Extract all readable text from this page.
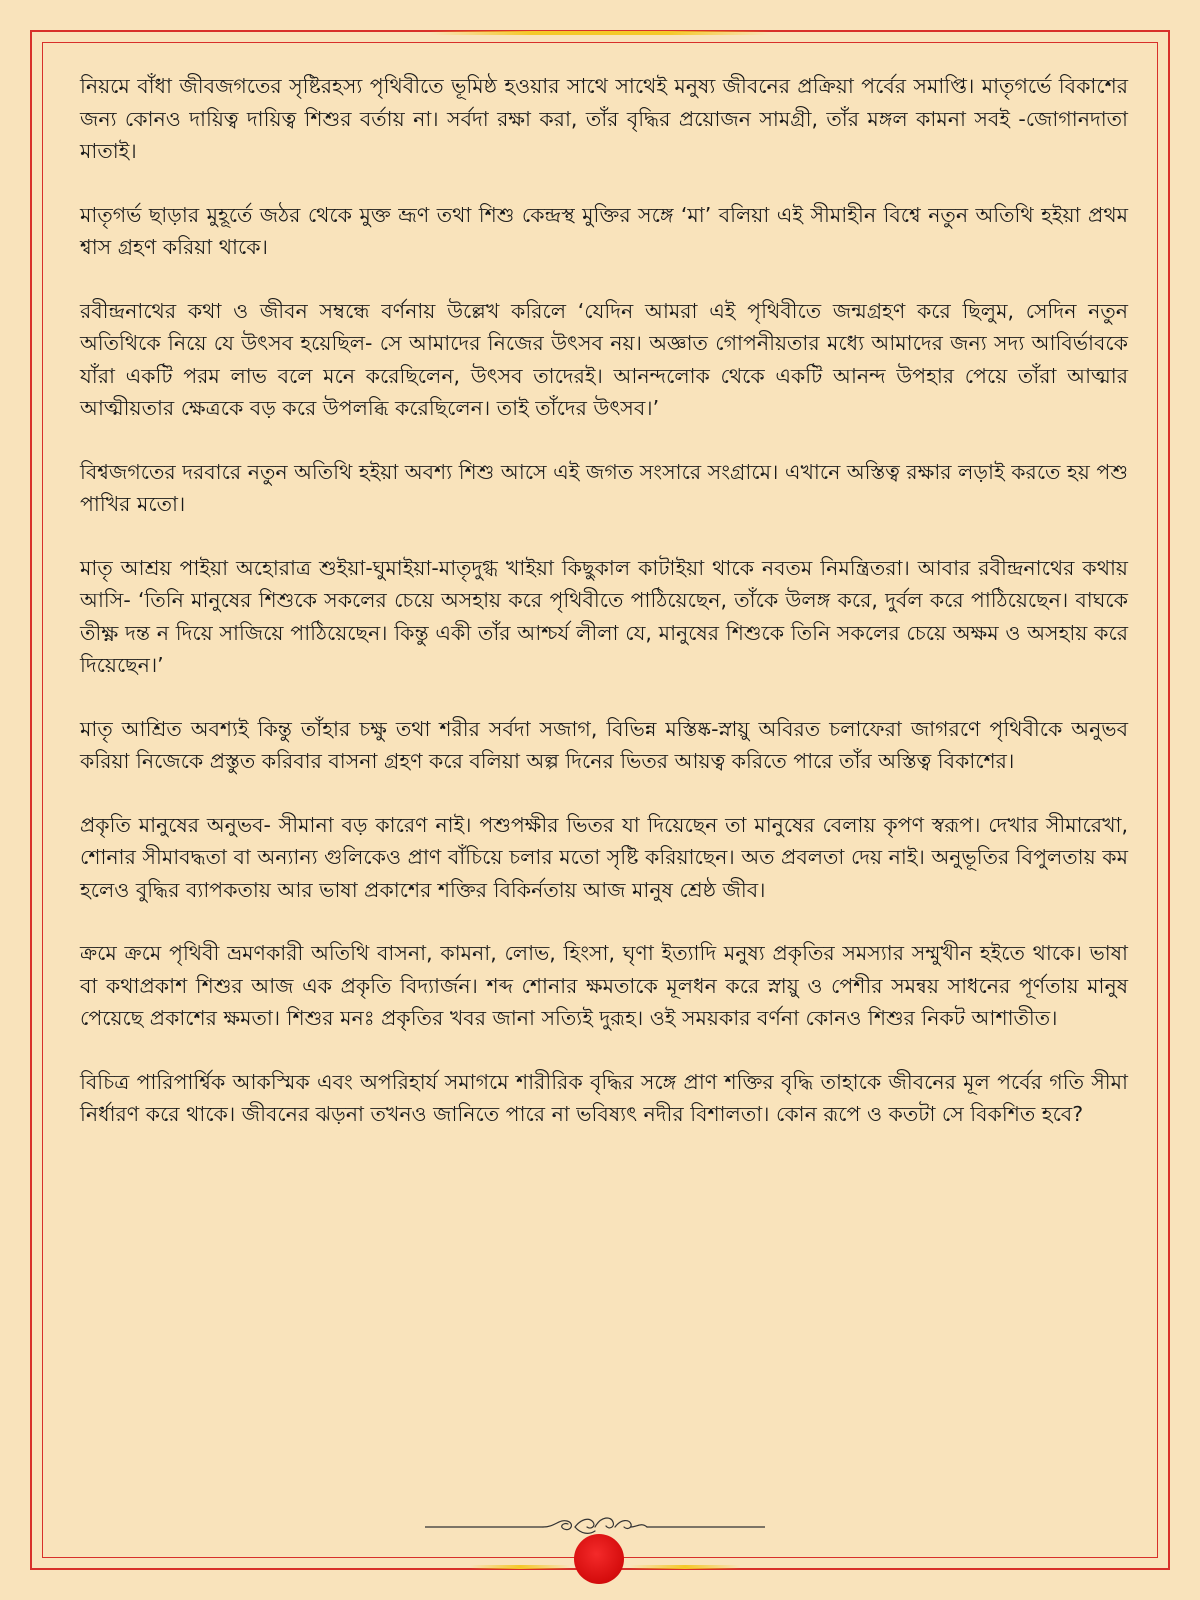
নিয়মে বাঁধা জীবজগতের সৃষ্টিরহস্য পৃথিবীতে ভূমিষ্ঠ হওয়ার সাথে সাথেই মনুষ্য জীবনের প্রক্রিয়া পর্বের সমাপ্তি। মাতৃগর্ভে বিকাশের জন্য কোনও দায়িত্ব দায়িত্ব শিশুর বর্তায় না। সর্বদা রক্ষা করা, তাঁর বৃদ্ধির প্রয়োজন সামগ্রী, তাঁর মঙ্গল কামনা সবই -জোগানদাতা মাতাই।

মাতৃগর্ভ ছাড়ার মুহূর্তে জঠর থেকে মুক্ত ভ্রূণ তথা শিশু কেন্দ্রস্থ মুক্তির সঙ্গে ‘মা’ বলিয়া এই সীমাহীন বিশ্বে নতুন অতিথি হইয়া প্রথম শ্বাস গ্রহণ করিয়া থাকে।

রবীন্দ্রনাথের কথা ও জীবন সম্বন্ধে বর্ণনায় উল্লেখ করিলে ‘যেদিন আমরা এই পৃথিবীতে জন্মগ্রহণ করে ছিলুম, সেদিন নতুন অতিথিকে নিয়ে যে উৎসব হয়েছিল- সে আমাদের নিজের উৎসব নয়। অজ্ঞাত গোপনীয়তার মধ্যে আমাদের জন্য সদ্য আবির্ভাবকে যাঁরা একটি পরম লাভ বলে মনে করেছিলেন, উৎসব তাদেরই। আনন্দলোক থেকে একটি আনন্দ উপহার পেয়ে তাঁরা আত্মার আত্মীয়তার ক্ষেত্রকে বড় করে উপলব্ধি করেছিলেন। তাই তাঁদের উৎসব।’

বিশ্বজগতের দরবারে নতুন অতিথি হইয়া অবশ্য শিশু আসে এই জগত সংসারে সংগ্রামে। এখানে অস্তিত্ব রক্ষার লড়াই করতে হয় পশু পাখির মতো।

মাতৃ আশ্রয় পাইয়া অহোরাত্র শুইয়া-ঘুমাইয়া-মাতৃদুগ্ধ খাইয়া কিছুকাল কাটাইয়া থাকে নবতম নিমন্ত্রিতরা। আবার রবীন্দ্রনাথের কথায় আসি- ‘তিনি মানুষের শিশুকে সকলের চেয়ে অসহায় করে পৃথিবীতে পাঠিয়েছেন, তাঁকে উলঙ্গ করে, দুর্বল করে পাঠিয়েছেন। বাঘকে তীক্ষ্ণ দন্ত ন দিয়ে সাজিয়ে পাঠিয়েছেন। কিন্তু একী তাঁর আশ্চর্য লীলা যে, মানুষের শিশুকে তিনি সকলের চেয়ে অক্ষম ও অসহায় করে দিয়েছেন।’

মাতৃ আশ্রিত অবশ্যই কিন্তু তাঁহার চক্ষু তথা শরীর সর্বদা সজাগ, বিভিন্ন মস্তিষ্ক-স্নায়ু অবিরত চলাফেরা জাগরণে পৃথিবীকে অনুভব করিয়া নিজেকে প্রস্তুত করিবার বাসনা গ্রহণ করে বলিয়া অল্প দিনের ভিতর আয়ত্ব করিতে পারে তাঁর অস্তিত্ব বিকাশের।

প্রকৃতি মানুষের অনুভব- সীমানা বড় কারেণ নাই। পশুপক্ষীর ভিতর যা দিয়েছেন তা মানুষের বেলায় কৃপণ স্বরূপ। দেখার সীমারেখা, শোনার সীমাবদ্ধতা বা অন্যান্য গুলিকেও প্রাণ বাঁচিয়ে চলার মতো সৃষ্টি করিয়াছেন। অত প্রবলতা দেয় নাই। অনুভূতির বিপুলতায় কম হলেও বুদ্ধির ব্যাপকতায় আর ভাষা প্রকাশের শক্তির বিকির্নতায় আজ মানুষ শ্রেষ্ঠ জীব।

ক্রমে ক্রমে পৃথিবী ভ্রমণকারী অতিথি বাসনা, কামনা, লোভ, হিংসা, ঘৃণা ইত্যাদি মনুষ্য প্রকৃতির সমস্যার সম্মুখীন হইতে থাকে। ভাষা বা কথাপ্রকাশ শিশুর আজ এক প্রকৃতি বিদ্যার্জন। শব্দ শোনার ক্ষমতাকে মূলধন করে স্নায়ু ও পেশীর সমন্বয় সাধনের পূর্ণতায় মানুষ পেয়েছে প্রকাশের ক্ষমতা। শিশুর মনঃ প্রকৃতির খবর জানা সত্যিই দুরূহ। ওই সময়কার বর্ণনা কোনও শিশুর নিকট আশাতীত।

বিচিত্র পারিপার্শ্বিক আকস্মিক এবং অপরিহার্য সমাগমে শারীরিক বৃদ্ধির সঙ্গে প্রাণ শক্তির বৃদ্ধি তাহাকে জীবনের মূল পর্বের গতি সীমা নির্ধারণ করে থাকে। জীবনের ঝড়না তখনও জানিতে পারে না ভবিষ্যৎ নদীর বিশালতা। কোন রূপে ও কতটা সে বিকশিত হবে?
